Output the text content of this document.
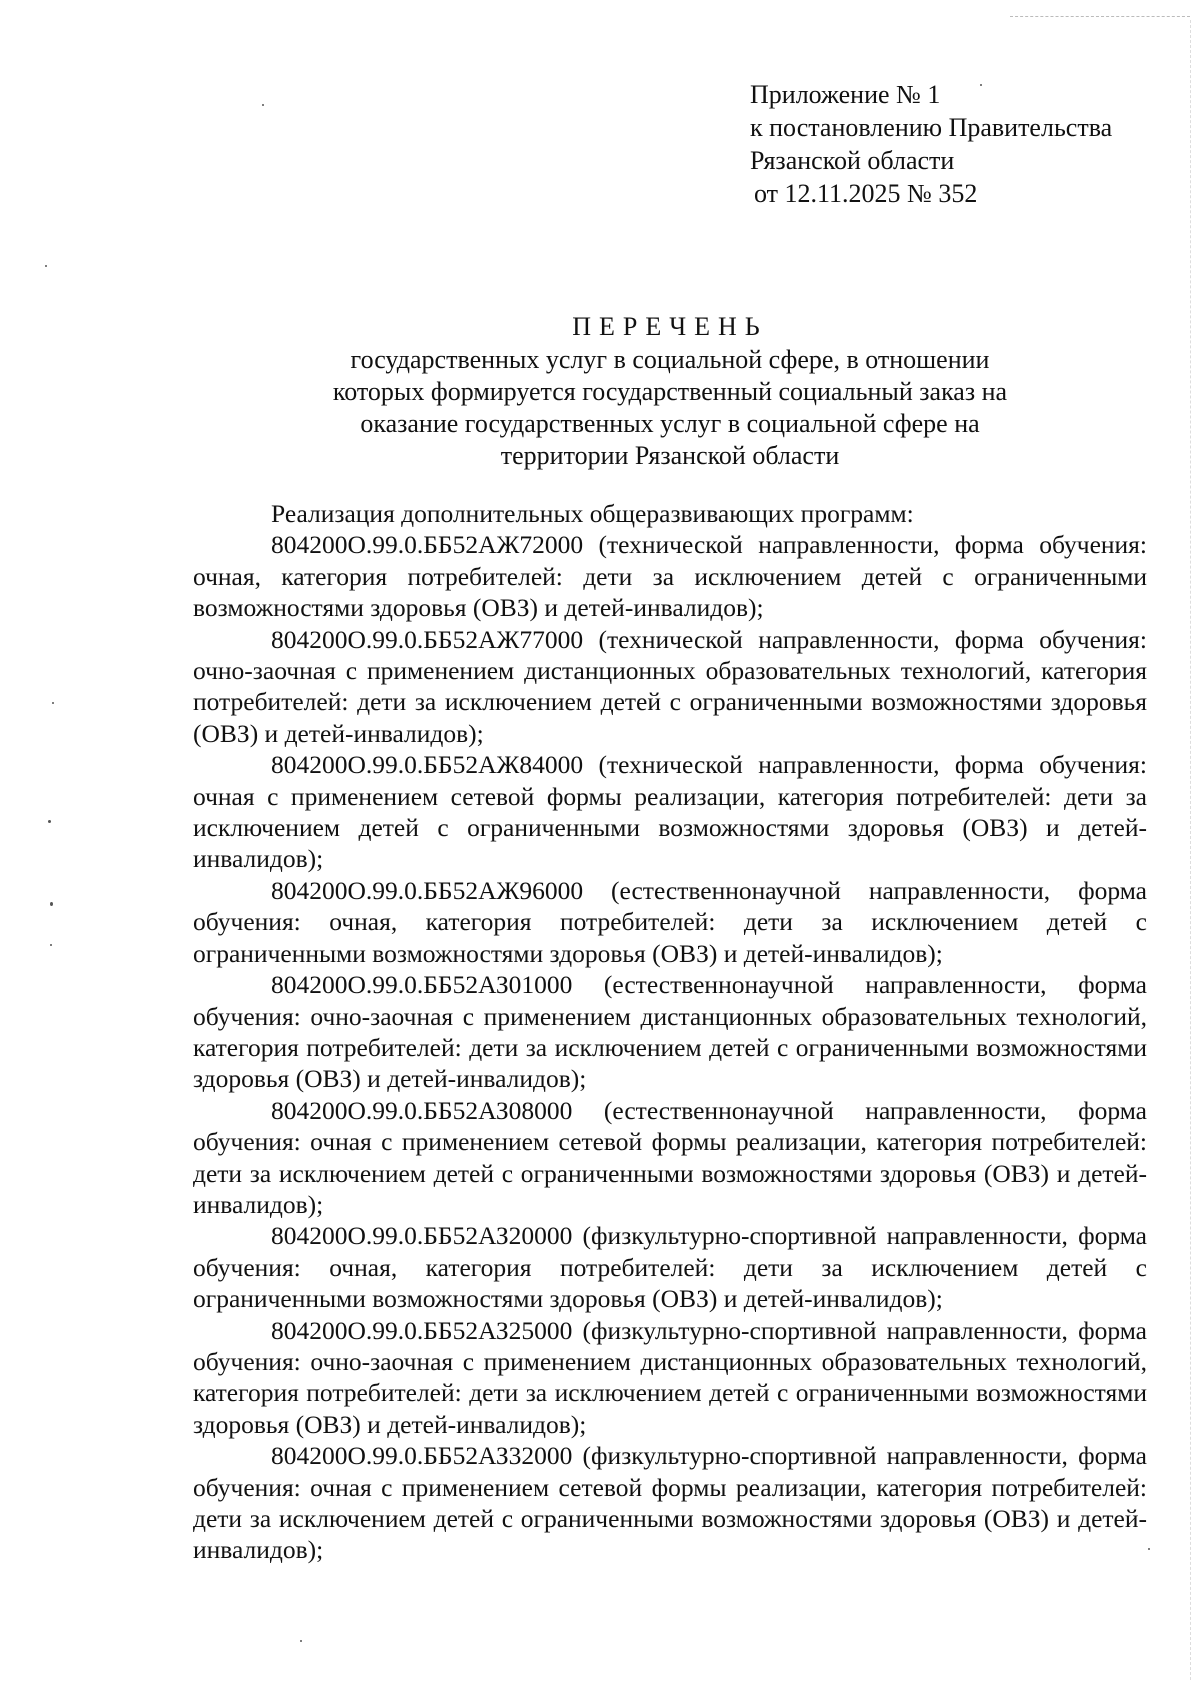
Приложение № 1
к постановлению Правительства
Рязанской области
от 12.11.2025 № 352
ПЕРЕЧЕНЬ
государственных услуг в социальной сфере, в отношении которых формируется государственный социальный заказ на оказание государственных услуг в социальной сфере на территории Рязанской области

Реализация дополнительных общеразвивающих программ:

804200О.99.0.ББ52АЖ72000 (технической направленности, форма обучения: очная, категория потребителей: дети за исключением детей с ограниченными возможностями здоровья (ОВЗ) и детей-инвалидов);

804200О.99.0.ББ52АЖ77000 (технической направленности, форма обучения: очно-заочная с применением дистанционных образовательных технологий, категория потребителей: дети за исключением детей с ограниченными возможностями здоровья (ОВЗ) и детей-инвалидов);

804200О.99.0.ББ52АЖ84000 (технической направленности, форма обучения: очная с применением сетевой формы реализации, категория потребителей: дети за исключением детей с ограниченными возможностями здоровья (ОВЗ) и детей-инвалидов);

804200О.99.0.ББ52АЖ96000 (естественнонаучной направленности, форма обучения: очная, категория потребителей: дети за исключением детей с ограниченными возможностями здоровья (ОВЗ) и детей-инвалидов);

804200О.99.0.ББ52АЗ01000 (естественнонаучной направленности, форма обучения: очно-заочная с применением дистанционных образовательных технологий, категория потребителей: дети за исключением детей с ограниченными возможностями здоровья (ОВЗ) и детей-инвалидов);

804200О.99.0.ББ52АЗ08000 (естественнонаучной направленности, форма обучения: очная с применением сетевой формы реализации, категория потребителей: дети за исключением детей с ограниченными возможностями здоровья (ОВЗ) и детей-инвалидов);

804200О.99.0.ББ52АЗ20000 (физкультурно-спортивной направленности, форма обучения: очная, категория потребителей: дети за исключением детей с ограниченными возможностями здоровья (ОВЗ) и детей-инвалидов);

804200О.99.0.ББ52АЗ25000 (физкультурно-спортивной направленности, форма обучения: очно-заочная с применением дистанционных образовательных технологий, категория потребителей: дети за исключением детей с ограниченными возможностями здоровья (ОВЗ) и детей-инвалидов);

804200О.99.0.ББ52АЗ32000 (физкультурно-спортивной направленности, форма обучения: очная с применением сетевой формы реализации, категория потребителей: дети за исключением детей с ограниченными возможностями здоровья (ОВЗ) и детей-инвалидов);
